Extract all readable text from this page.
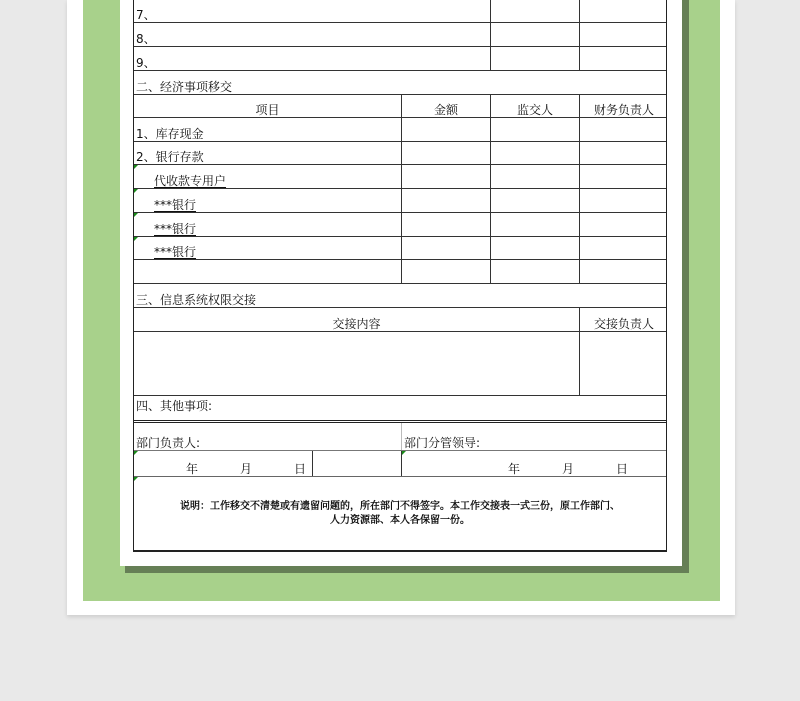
7、
8、
9、
二、经济事项移交
项目	金额	监交人	财务负责人
1、库存现金
2、银行存款
代收款专用户
***银行
***银行
***银行
三、信息系统权限交接
交接内容	交接负责人
四、其他事项:
部门负责人:	部门分管领导:
年	月	日	年	月	日
说明：工作移交不清楚或有遗留问题的，所在部门不得签字。本工作交接表一式三份，原工作部门、
人力资源部、本人各保留一份。
